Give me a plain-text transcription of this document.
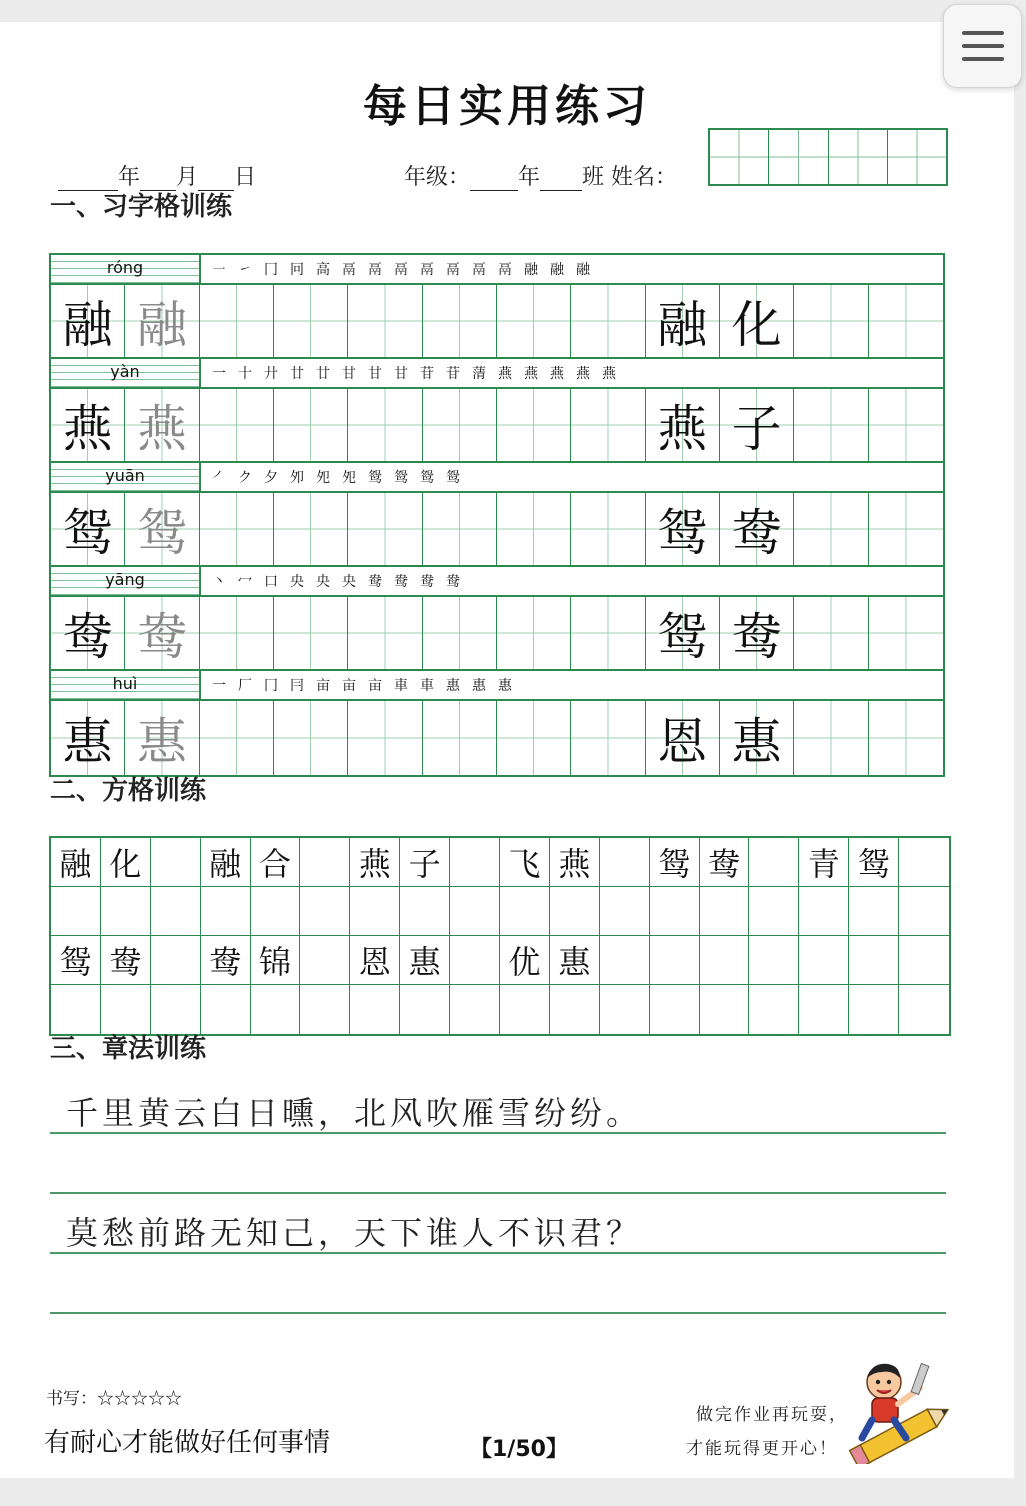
每日实用练习
年 月 日	年级： 年 班 姓名：
一、习字格训练
róng	㇐ ㇀ 冂 冋 高 鬲 鬲 鬲 鬲 鬲 鬲 鬲 融 融 融
融 融	融 化
yàn	一 十 廾 廿 廿 甘 甘 甘 苷 苷 蔳 燕 燕 燕 燕 燕
燕 燕	燕 子
yuān	㇒ ク 夕 夘 夗 夗 鸳 鸳 鸳 鸳
鸳 鸳	鸳 鸯
yāng	丶 冖 口 央 央 央 鸯 鸯 鸯 鸯
鸯 鸯	鸳 鸯
huì	一 厂 冂 冃 亩 亩 亩 車 車 惠 惠 惠
惠 惠	恩 惠
二、方格训练
融 化 融 合 燕 子 飞 燕 鸳 鸯 青 鸳
鸳 鸯 鸯 锦 恩 惠 优 惠
三、章法训练
千里黄云白日曛，北风吹雁雪纷纷。
莫愁前路无知己，天下谁人不识君？
书写：☆☆☆☆☆
有耐心才能做好任何事情	【1/50】
做完作业再玩耍，
才能玩得更开心！
